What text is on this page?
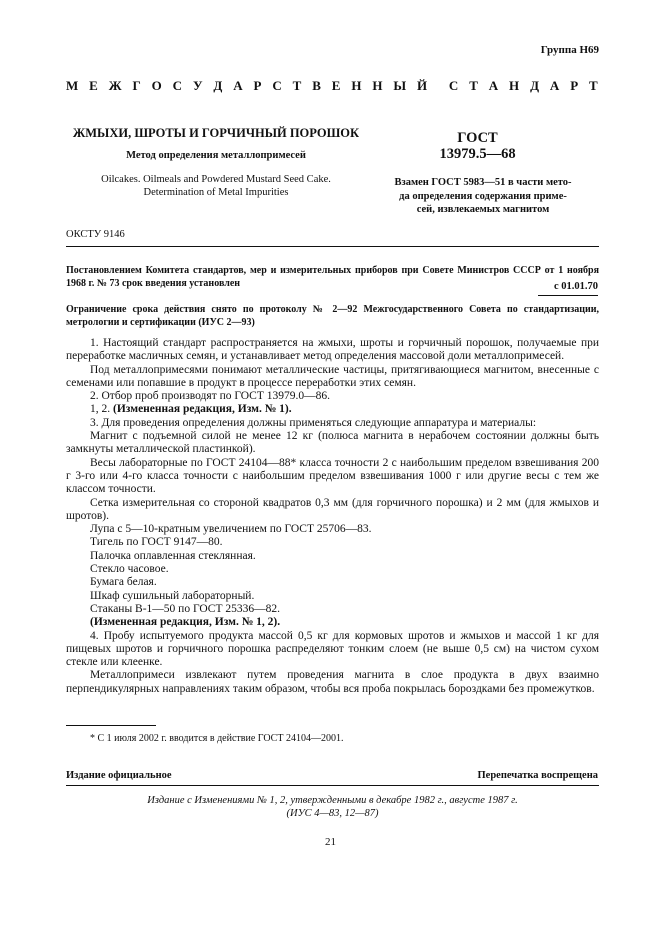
Группа Н69
М Е Ж Г О С У Д А Р С Т В Е Н Н Ы Й С Т А Н Д А Р Т
ЖМЫХИ, ШРОТЫ И ГОРЧИЧНЫЙ ПОРОШОК
Метод определения металлопримесей
Oilcakes. Oilmeals and Powdered Mustard Seed Cake.
Determination of Metal Impurities
ГОСТ
13979.5—68
Взамен ГОСТ 5983—51 в части мето-
да определения содержания приме-
сей, извлекаемых магнитом
ОКСТУ 9146
Постановлением Комитета стандартов, мер и измерительных приборов при Совете Министров СССР от 1 ноября 1968 г. № 73 срок введения установлен	с 01.01.70
Ограничение срока действия снято по протоколу № 2—92 Межгосударственного Совета по стандартизации, метрологии и сертификации (ИУС 2—93)

1. Настоящий стандарт распространяется на жмыхи, шроты и горчичный порошок, получаемые при переработке масличных семян, и устанавливает метод определения массовой доли металлопримесей.

Под металлопримесями понимают металлические частицы, притягивающиеся магнитом, внесенные с семенами или попавшие в продукт в процессе переработки этих семян.

2. Отбор проб производят по ГОСТ 13979.0—86.

1, 2. (Измененная редакция, Изм. № 1).

3. Для проведения определения должны применяться следующие аппаратура и материалы:

Магнит с подъемной силой не менее 12 кг (полюса магнита в нерабочем состоянии должны быть замкнуты металлической пластинкой).

Весы лабораторные по ГОСТ 24104—88* класса точности 2 с наибольшим пределом взвешивания 200 г 3-го или 4-го класса точности с наибольшим пределом взвешивания 1000 г или другие весы с тем же классом точности.

Сетка измерительная со стороной квадратов 0,3 мм (для горчичного порошка) и 2 мм (для жмыхов и шротов).

Лупа с 5—10-кратным увеличением по ГОСТ 25706—83.

Тигель по ГОСТ 9147—80.

Палочка оплавленная стеклянная.

Стекло часовое.

Бумага белая.

Шкаф сушильный лабораторный.

Стаканы В-1—50 по ГОСТ 25336—82.

(Измененная редакция, Изм. № 1, 2).

4. Пробу испытуемого продукта массой 0,5 кг для кормовых шротов и жмыхов и массой 1 кг для пищевых шротов и горчичного порошка распределяют тонким слоем (не выше 0,5 см) на чистом сухом стекле или клеенке.

Металлопримеси извлекают путем проведения магнита в слое продукта в двух взаимно перпендикулярных направлениях таким образом, чтобы вся проба покрылась бороздками без промежутков.

* С 1 июля 2002 г. вводится в действие ГОСТ 24104—2001.
Издание официальное	Перепечатка воспрещена
Издание с Изменениями № 1, 2, утвержденными в декабре 1982 г., августе 1987 г.
(ИУС 4—83, 12—87)
21
